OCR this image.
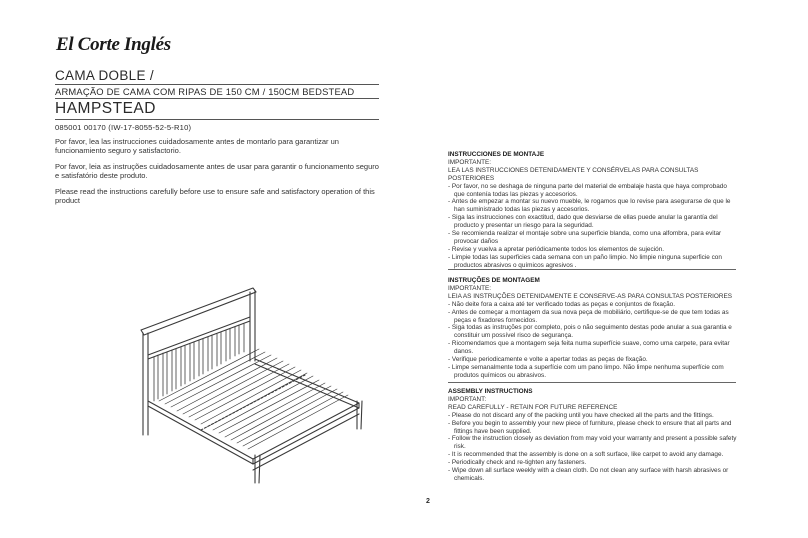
El Corte Inglés
CAMA DOBLE /
ARMAÇÃO DE CAMA COM RIPAS DE 150 CM / 150CM BEDSTEAD
HAMPSTEAD
085001 00170 (IW-17-8055-52-5-R10)
Por favor, lea las instrucciones cuidadosamente antes de montarlo para garantizar un funcionamiento seguro y satisfactorio.
Por favor, leia as instruções cuidadosamente antes de usar para garantir o funcionamento seguro e satisfatório deste produto.
Please read the instructions carefully before use to ensure safe and satisfactory operation of this product
2
INSTRUCCIONES DE MONTAJE
IMPORTANTE:
LEA LAS INSTRUCCIONES DETENIDAMENTE Y CONSÉRVELAS PARA CONSULTAS POSTERIORES
- Por favor, no se deshaga de ninguna parte del material de embalaje hasta que haya comprobado que contenía todas las piezas y accesorios.
- Antes de empezar a montar su nuevo mueble, le rogamos que lo revise para asegurarse de que le han suministrado todas las piezas y accesorios.
- Siga las instrucciones con exactitud, dado que desviarse de ellas puede anular la garantía del producto y presentar un riesgo para la seguridad.
- Se recomienda realizar el montaje sobre una superficie blanda, como una alfombra, para evitar provocar daños
- Revise y vuelva a apretar periódicamente todos los elementos de sujeción.
- Limpie todas las superficies cada semana con un paño limpio. No limpie ninguna superficie con productos abrasivos o químicos agresivos .
INSTRUÇÕES DE MONTAGEM
IMPORTANTE:
LEIA AS INSTRUÇÕES DETENIDAMENTE E CONSERVE-AS PARA CONSULTAS POSTERIORES
- Não deite fora a caixa até ter verificado todas as peças e conjuntos de fixação.
- Antes de começar a montagem da sua nova peça de mobiliário, certifique-se de que tem todas as peças e fixadores fornecidos.
- Siga todas as instruções por completo, pois o não seguimento destas pode anular a sua garantia e constituir um possível risco de segurança.
- Ricomendamos que a montagem seja feita numa superfície suave, como uma carpete, para evitar danos.
- Verifique periodicamente e volte a apertar todas as peças de fixação.
- Limpe semanalmente toda a superfície com um pano limpo. Não limpe nenhuma superfície com produtos químicos ou abrasivos.
ASSEMBLY INSTRUCTIONS
IMPORTANT:
READ CAREFULLY - RETAIN FOR FUTURE REFERENCE
- Please do not discard any of the packing until you have checked all the parts and the fittings.
- Before you begin to assembly your new piece of furniture, please check to ensure that all parts and fittings have been supplied.
- Follow the instruction closely as deviation from may void your warranty and present a possible safety risk.
- It is recommended that the assembly is done on a soft surface, like carpet to avoid any damage.
- Periodically check and re-tighten any fasteners.
- Wipe down all surface weekly with a clean cloth. Do not clean any surface with harsh abrasives or chemicals.
